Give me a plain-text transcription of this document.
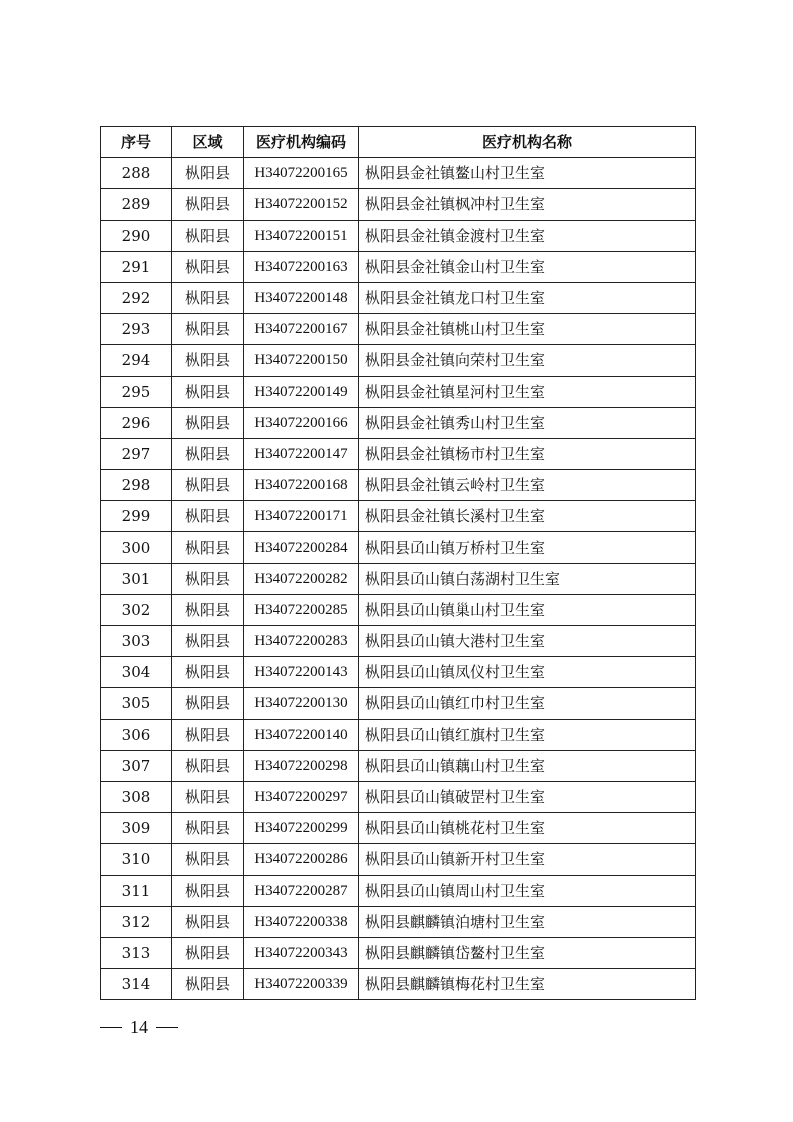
序号	区域	医疗机构编码	医疗机构名称
288	枞阳县	H34072200165	枞阳县金社镇鳌山村卫生室
289	枞阳县	H34072200152	枞阳县金社镇枫冲村卫生室
290	枞阳县	H34072200151	枞阳县金社镇金渡村卫生室
291	枞阳县	H34072200163	枞阳县金社镇金山村卫生室
292	枞阳县	H34072200148	枞阳县金社镇龙口村卫生室
293	枞阳县	H34072200167	枞阳县金社镇桃山村卫生室
294	枞阳县	H34072200150	枞阳县金社镇向荣村卫生室
295	枞阳县	H34072200149	枞阳县金社镇星河村卫生室
296	枞阳县	H34072200166	枞阳县金社镇秀山村卫生室
297	枞阳县	H34072200147	枞阳县金社镇杨市村卫生室
298	枞阳县	H34072200168	枞阳县金社镇云岭村卫生室
299	枞阳县	H34072200171	枞阳县金社镇长溪村卫生室
300	枞阳县	H34072200284	枞阳县𠙶山镇万桥村卫生室
301	枞阳县	H34072200282	枞阳县𠙶山镇白荡湖村卫生室
302	枞阳县	H34072200285	枞阳县𠙶山镇巢山村卫生室
303	枞阳县	H34072200283	枞阳县𠙶山镇大港村卫生室
304	枞阳县	H34072200143	枞阳县𠙶山镇凤仪村卫生室
305	枞阳县	H34072200130	枞阳县𠙶山镇红巾村卫生室
306	枞阳县	H34072200140	枞阳县𠙶山镇红旗村卫生室
307	枞阳县	H34072200298	枞阳县𠙶山镇藕山村卫生室
308	枞阳县	H34072200297	枞阳县𠙶山镇破罡村卫生室
309	枞阳县	H34072200299	枞阳县𠙶山镇桃花村卫生室
310	枞阳县	H34072200286	枞阳县𠙶山镇新开村卫生室
311	枞阳县	H34072200287	枞阳县𠙶山镇周山村卫生室
312	枞阳县	H34072200338	枞阳县麒麟镇泊塘村卫生室
313	枞阳县	H34072200343	枞阳县麒麟镇岱鳌村卫生室
314	枞阳县	H34072200339	枞阳县麒麟镇梅花村卫生室
14
